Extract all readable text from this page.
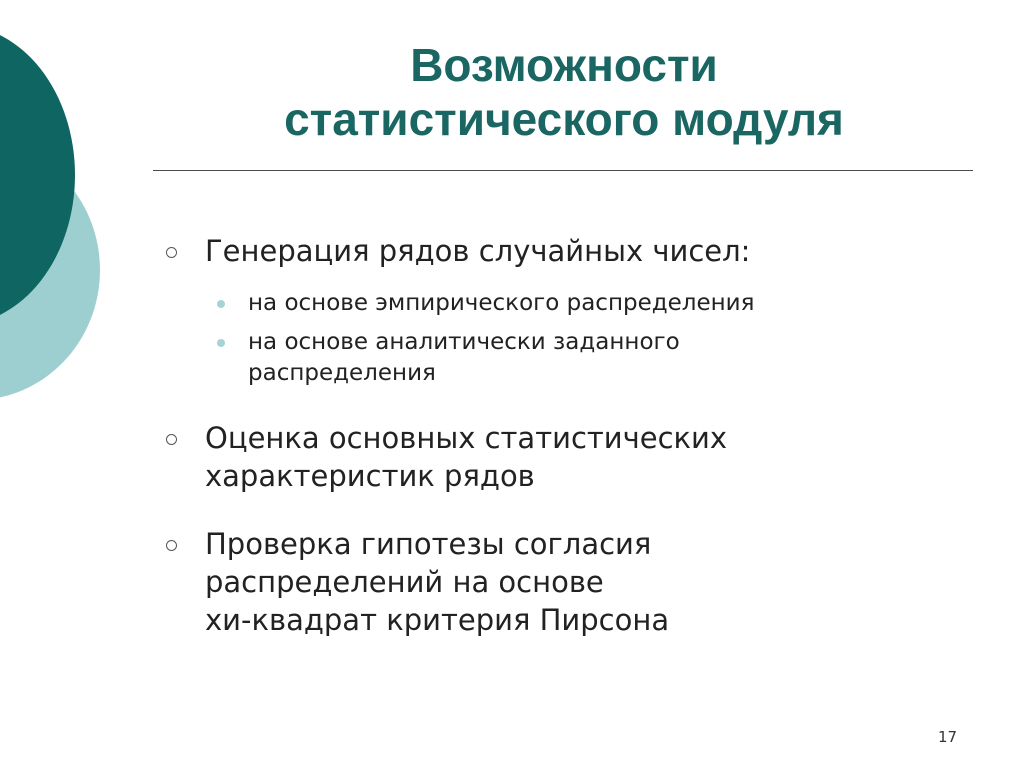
Возможности
статистического модуля
Генерация рядов случайных чисел:
на основе эмпирического распределения
на основе аналитически заданного
распределения
Оценка основных статистических
характеристик рядов
Проверка гипотезы согласия
распределений на основе
хи-квадрат критерия Пирсона
17
